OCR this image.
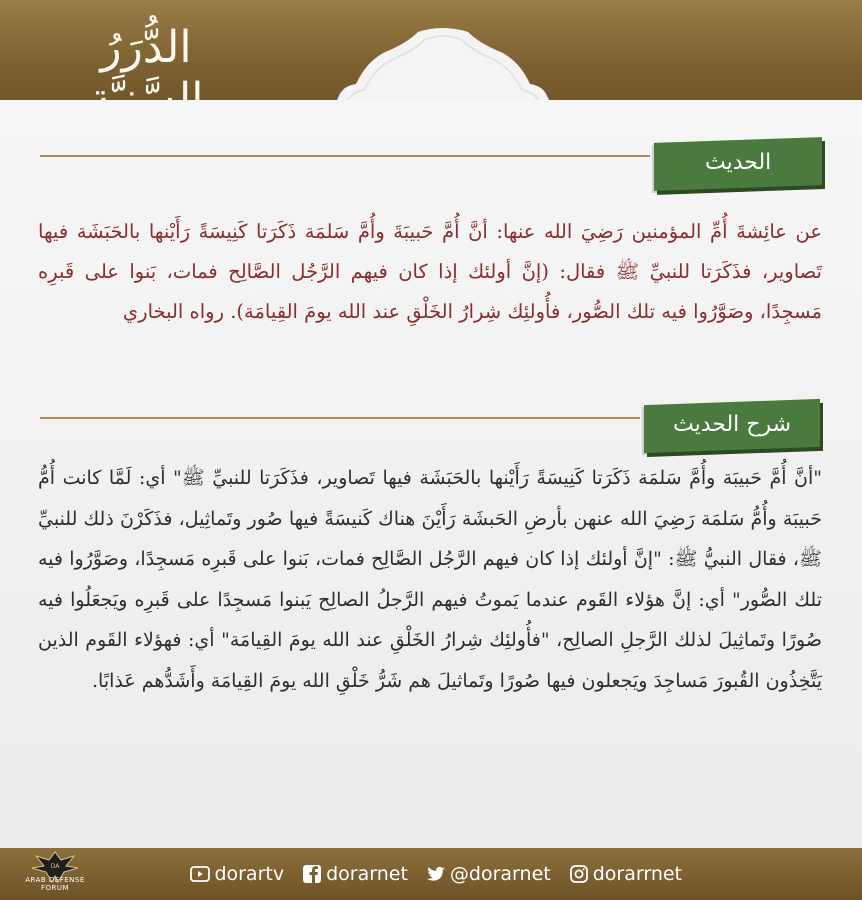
الدُّرَرُ
الحديث
عن عائِشةَ أُمِّ المؤمنين رَضِيَ الله عنها: أنَّ أُمَّ حَبيبَةَ وأُمَّ سَلمَة ذَكَرَتا كَنِيسَةً رَأَيْنها بالحَبَشَة فيها تَصاوير، فذَكَرَتا للنبيِّ ﷺ فقال: (إنَّ أولئك إذا كان فيهم الرَّجُل الصَّالِح فمات، بَنوا على قَبرِه مَسجِدًا، وصَوَّرُوا فيه تلك الصُّور، فأُولئِك شِرارُ الخَلْقِ عند الله يومَ القِيامَة). رواه البخاري
شرح الحديث
"أنَّ أُمَّ حَبيبَة وأُمَّ سَلمَة ذَكَرَتا كَنِيسَةً رَأَيْنها بالحَبَشَة فيها تَصاوير، فذَكَرَتا للنبيِّ ﷺ" أي: لَمَّا كانت أُمُّ حَبيبَة وأُمُّ سَلمَة رَضِيَ الله عنهن بأرضِ الحَبشَة رَأَيْنَ هناك كَنيسَةً فيها صُور وتَماثِيل، فذَكَرْنَ ذلك للنبيِّ ﷺ، فقال النبيُّ ﷺ: "إنَّ أولئك إذا كان فيهم الرَّجُل الصَّالِح فمات، بَنوا على قَبرِه مَسجِدًا، وصَوَّرُوا فيه تلك الصُّور" أي: إنَّ هؤلاء القَوم عندما يَموتُ فيهم الرَّجلُ الصالِح يَبنوا مَسجِدًا على قَبرِه ويَجعَلُوا فيه صُورًا وتَماثِيلَ لذلك الرَّجلِ الصالِح، "فأُولئِك شِرارُ الخَلْقِ عند الله يومَ القِيامَة" أي: فهؤلاء القَوم الذين يَتَّخِذُون القُبورَ مَساجِدَ ويَجعلون فيها صُورًا وتَماثيلَ هم شَرُّ خَلْقِ الله يومَ القِيامَة وأَشَدُّهم عَذابًا.
dorartv dorarnet @dorarnet dorarrnet
DA
ARAB DEFENSE FORUM
